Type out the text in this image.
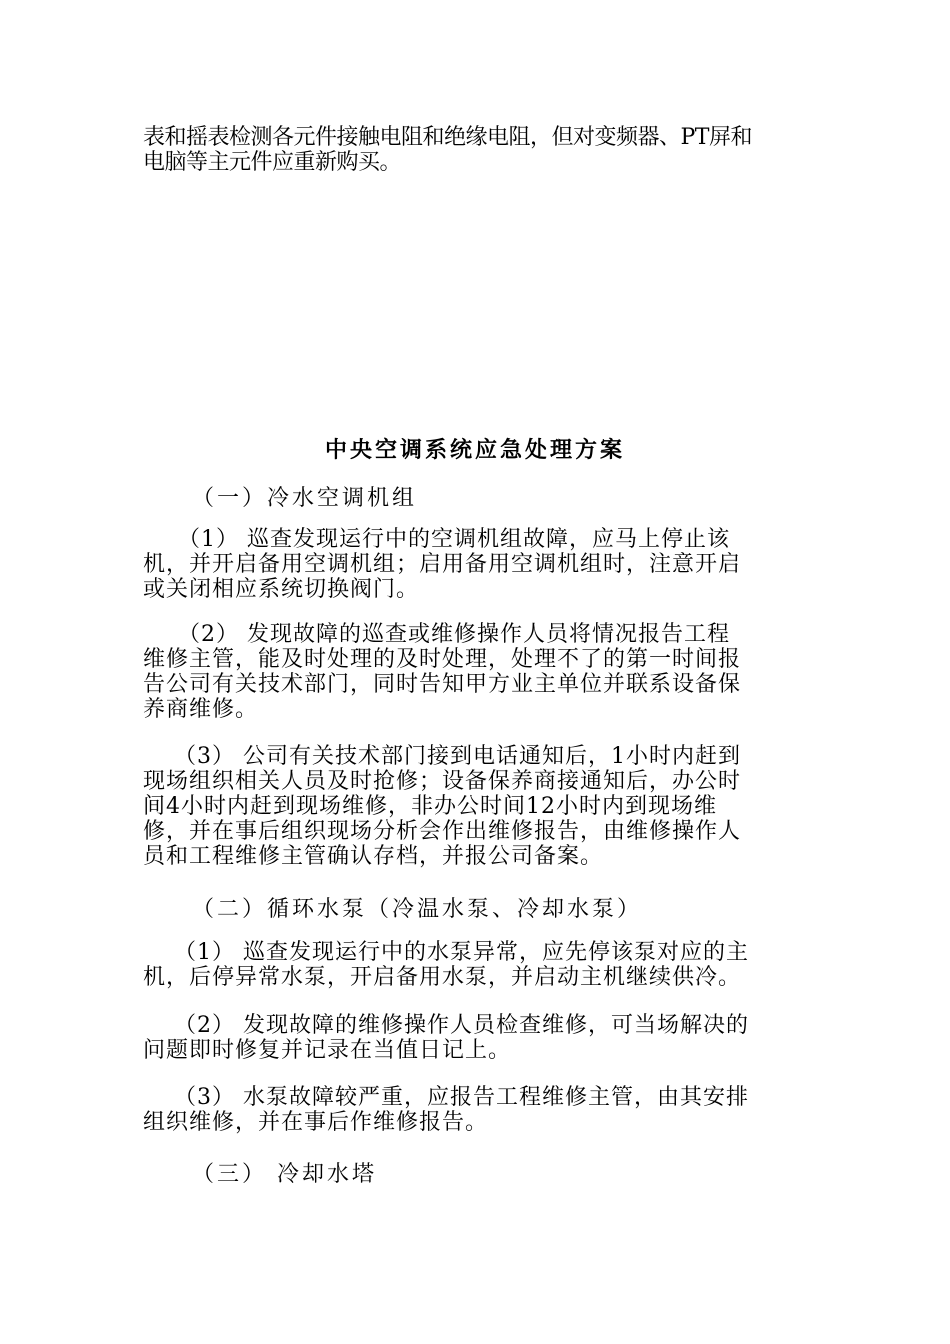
表和摇表检测各元件接触电阻和绝缘电阻，但对变频器、PT屏和
电脑等主元件应重新购买。
中央空调系统应急处理方案
（一）冷水空调机组
　　（1） 巡查发现运行中的空调机组故障，应马上停止该
机，并开启备用空调机组；启用备用空调机组时，注意开启
或关闭相应系统切换阀门。
　　（2） 发现故障的巡查或维修操作人员将情况报告工程
维修主管，能及时处理的及时处理，处理不了的第一时间报
告公司有关技术部门，同时告知甲方业主单位并联系设备保
养商维修。
　 （3） 公司有关技术部门接到电话通知后，1小时内赶到
现场组织相关人员及时抢修；设备保养商接通知后，办公时
间4小时内赶到现场维修，非办公时间12小时内到现场维
修，并在事后组织现场分析会作出维修报告，由维修操作人
员和工程维修主管确认存档，并报公司备案。
（二）循环水泵（冷温水泵、冷却水泵）
　 （1） 巡查发现运行中的水泵异常，应先停该泵对应的主
机，后停异常水泵，开启备用水泵，并启动主机继续供冷。
　 （2） 发现故障的维修操作人员检查维修，可当场解决的
问题即时修复并记录在当值日记上。
　 （3） 水泵故障较严重，应报告工程维修主管，由其安排
组织维修，并在事后作维修报告。
（三） 冷却水塔
